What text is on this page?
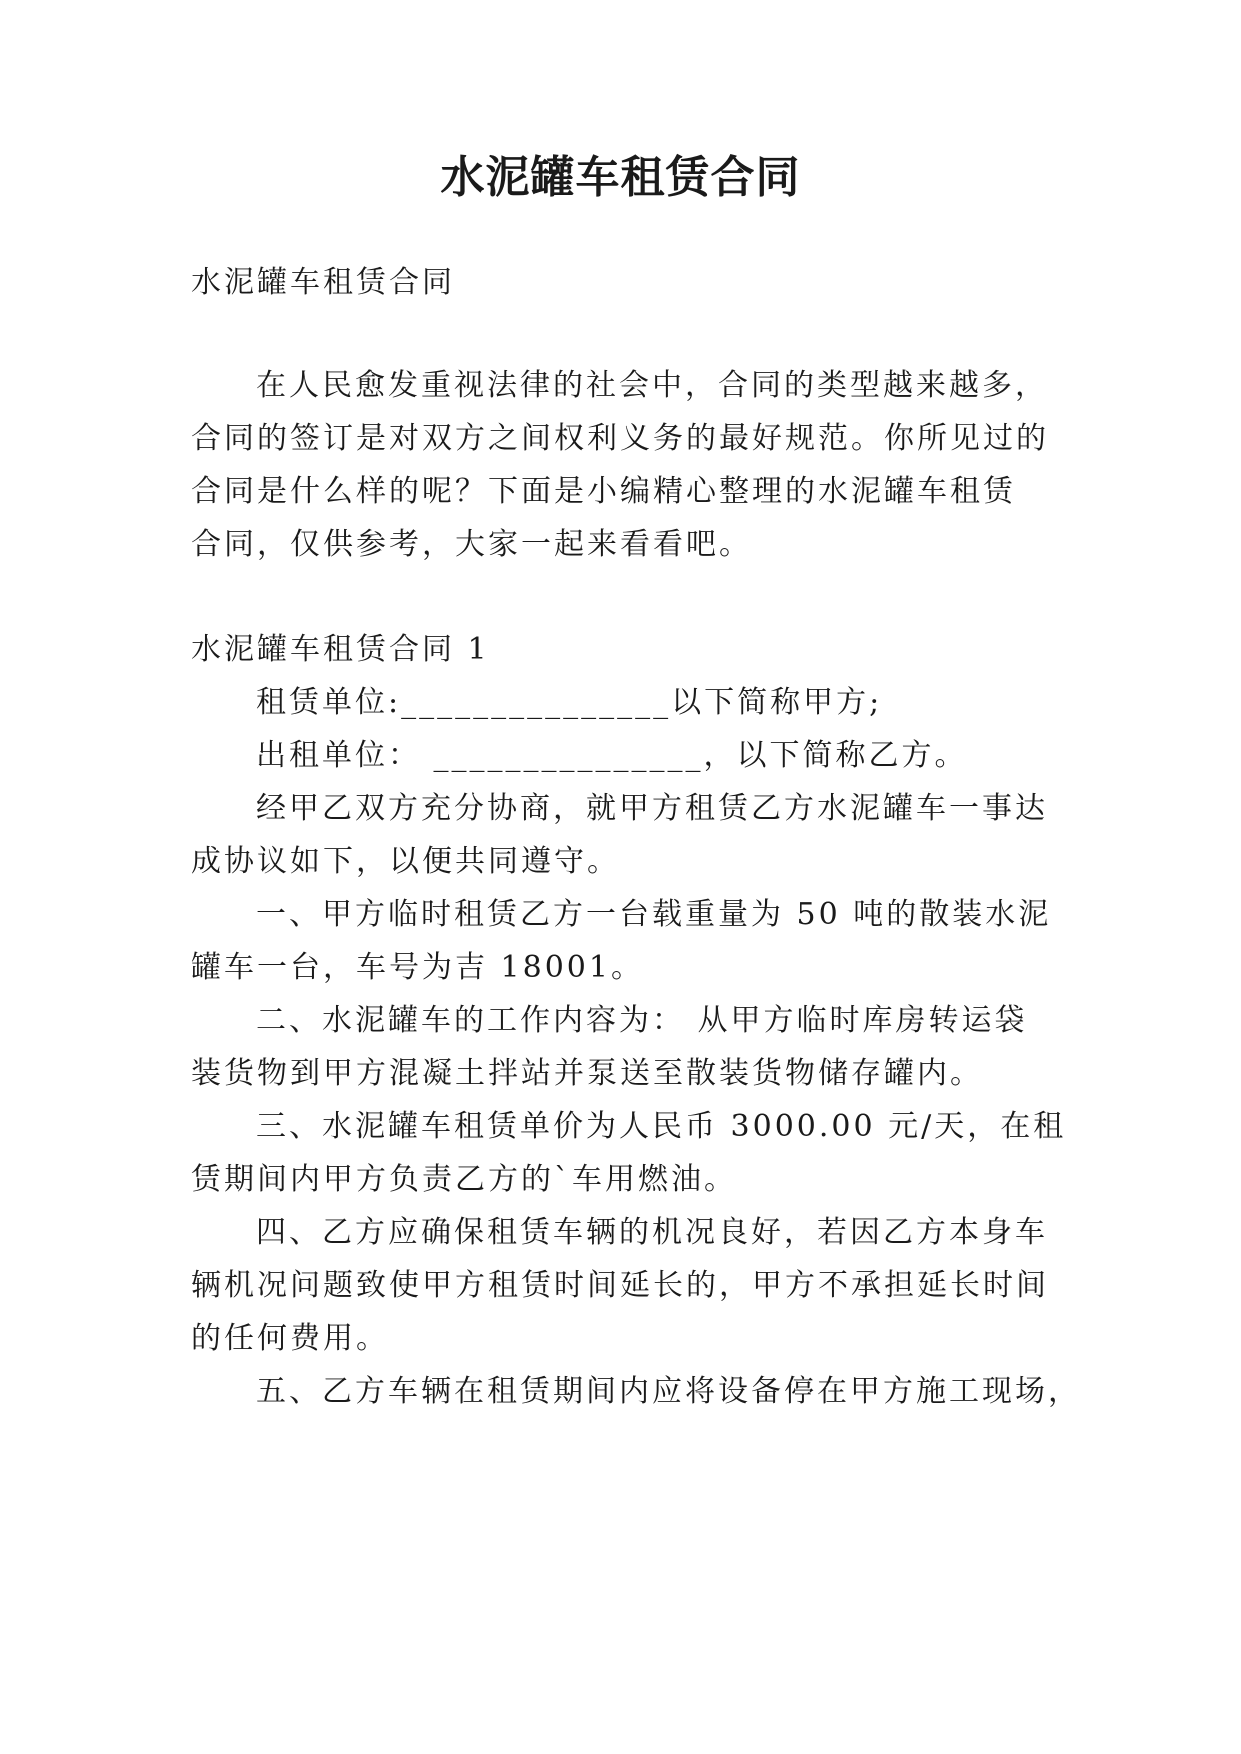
水泥罐车租赁合同
水泥罐车租赁合同
在人民愈发重视法律的社会中，合同的类型越来越多，
合同的签订是对双方之间权利义务的最好规范。你所见过的
合同是什么样的呢？下面是小编精心整理的水泥罐车租赁
合同，仅供参考，大家一起来看看吧。
水泥罐车租赁合同 1
租赁单位:_______________以下简称甲方;
出租单位： _______________，以下简称乙方。
经甲乙双方充分协商，就甲方租赁乙方水泥罐车一事达
成协议如下，以便共同遵守。
一、甲方临时租赁乙方一台载重量为 50 吨的散装水泥
罐车一台，车号为吉 18001。
二、水泥罐车的工作内容为： 从甲方临时库房转运袋
装货物到甲方混凝土拌站并泵送至散装货物储存罐内。
三、水泥罐车租赁单价为人民币 3000.00 元/天，在租
赁期间内甲方负责乙方的`车用燃油。
四、乙方应确保租赁车辆的机况良好，若因乙方本身车
辆机况问题致使甲方租赁时间延长的，甲方不承担延长时间
的任何费用。
五、乙方车辆在租赁期间内应将设备停在甲方施工现场，
